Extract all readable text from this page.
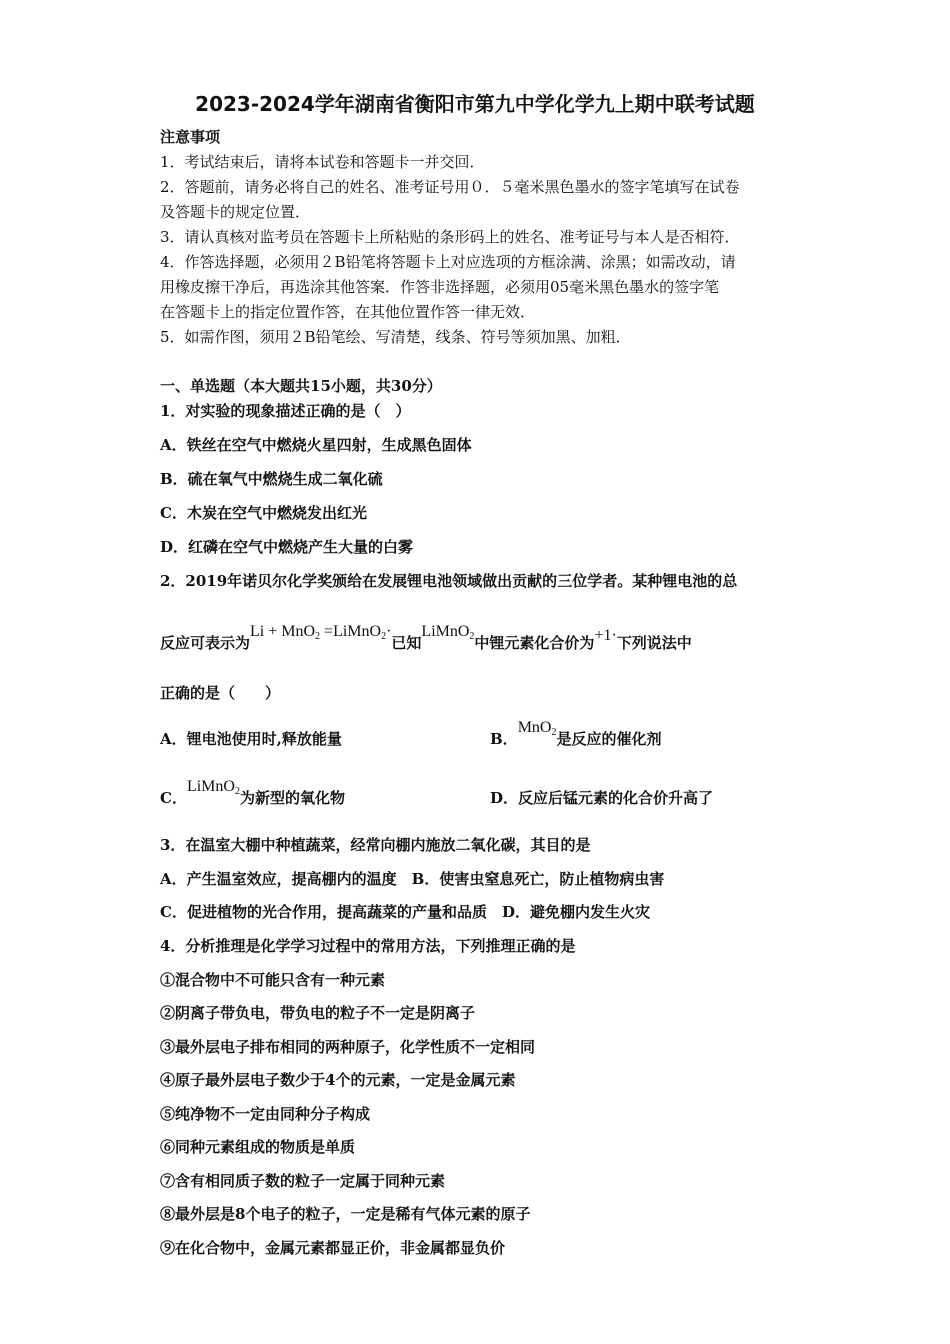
2023-2024学年湖南省衡阳市第九中学化学九上期中联考试题
注意事项
1．考试结束后，请将本试卷和答题卡一并交回．
2．答题前，请务必将自己的姓名、准考证号用０．５毫米黑色墨水的签字笔填写在试卷
及答题卡的规定位置．
3．请认真核对监考员在答题卡上所粘贴的条形码上的姓名、准考证号与本人是否相符．
4．作答选择题，必须用２B铅笔将答题卡上对应选项的方框涂满、涂黑；如需改动，请
用橡皮擦干净后，再选涂其他答案．作答非选择题，必须用05毫米黑色墨水的签字笔
在答题卡上的指定位置作答，在其他位置作答一律无效．
5．如需作图，须用２B铅笔绘、写清楚，线条、符号等须加黑、加粗．
一、单选题（本大题共15小题，共30分）
1．对实验的现象描述正确的是（　）
A．铁丝在空气中燃烧火星四射，生成黑色固体
B．硫在氧气中燃烧生成二氧化硫
C．木炭在空气中燃烧发出红光
D．红磷在空气中燃烧产生大量的白雾
2．2019年诺贝尔化学奖颁给在发展锂电池领域做出贡献的三位学者。某种锂电池的总
反应可表示为Li + MnO$_2$ =LiMnO$_2$·已知LiMnO$_2$中锂元素化合价为+1·下列说法中
正确的是（　　）
A．锂电池使用时,释放能量	B．MnO$_2$是反应的催化剂
C．LiMnO$_2$为新型的氧化物	D．反应后锰元素的化合价升高了
3．在温室大棚中种植蔬菜，经常向棚内施放二氧化碳，其目的是
A．产生温室效应，提高棚内的温度　B．使害虫窒息死亡，防止植物病虫害
C．促进植物的光合作用，提高蔬菜的产量和品质　D．避免棚内发生火灾
4．分析推理是化学学习过程中的常用方法，下列推理正确的是
①混合物中不可能只含有一种元素
②阴离子带负电，带负电的粒子不一定是阴离子
③最外层电子排布相同的两种原子，化学性质不一定相同
④原子最外层电子数少于4个的元素，一定是金属元素
⑤纯净物不一定由同种分子构成
⑥同种元素组成的物质是单质
⑦含有相同质子数的粒子一定属于同种元素
⑧最外层是8个电子的粒子，一定是稀有气体元素的原子
⑨在化合物中，金属元素都显正价，非金属都显负价
